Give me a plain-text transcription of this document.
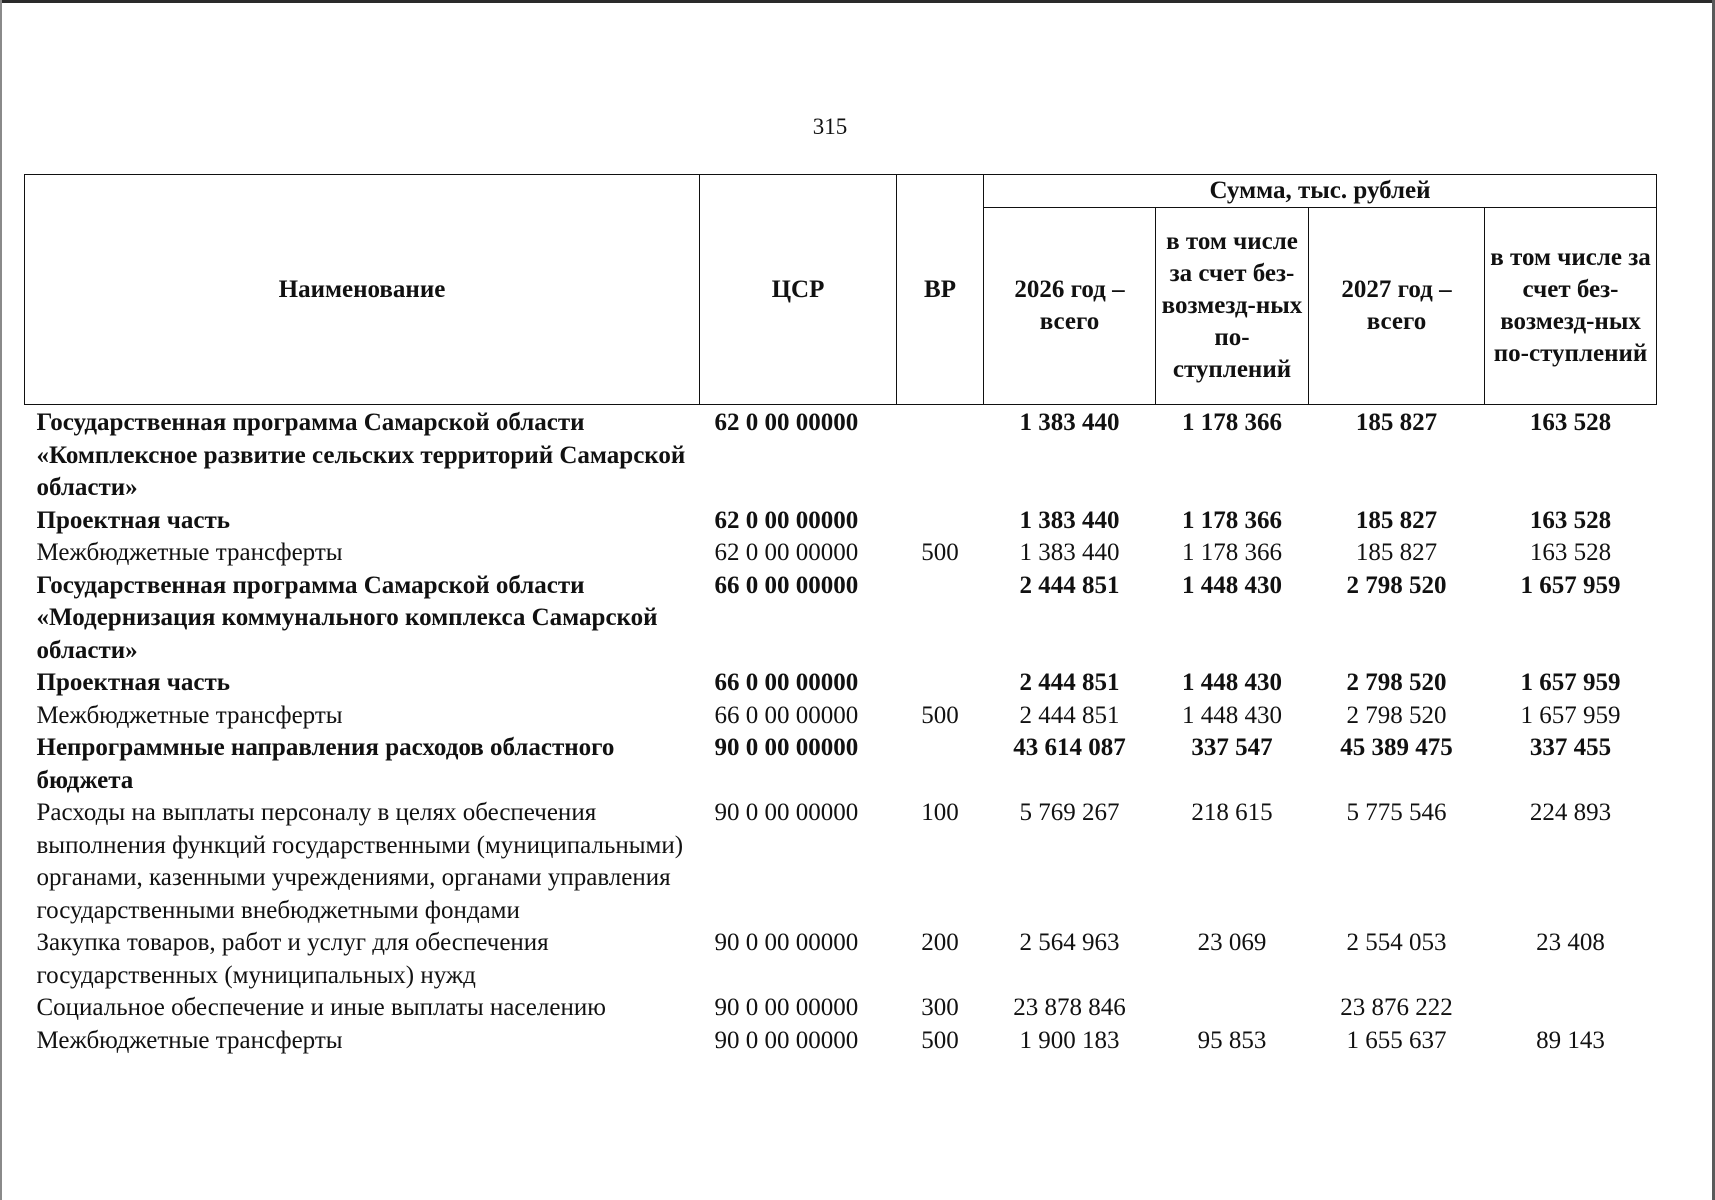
315
Наименование	ЦСР	ВР	Сумма, тыс. рублей			
			2026 год – всего	в том числе за счет без-возмезд-ных по-ступлений	2027 год – всего	в том числе за счет без-возмезд-ных по-ступлений
Государственная программа Самарской области «Комплексное развитие сельских территорий Самарской области»	62 0 00 00000		1 383 440	1 178 366	185 827	163 528
Проектная часть	62 0 00 00000		1 383 440	1 178 366	185 827	163 528
Межбюджетные трансферты	62 0 00 00000	500	1 383 440	1 178 366	185 827	163 528
Государственная программа Самарской области «Модернизация коммунального комплекса Самарской области»	66 0 00 00000		2 444 851	1 448 430	2 798 520	1 657 959
Проектная часть	66 0 00 00000		2 444 851	1 448 430	2 798 520	1 657 959
Межбюджетные трансферты	66 0 00 00000	500	2 444 851	1 448 430	2 798 520	1 657 959
Непрограммные направления расходов областного бюджета	90 0 00 00000		43 614 087	337 547	45 389 475	337 455
Расходы на выплаты персоналу в целях обеспечения выполнения функций государственными (муниципальными) органами, казенными учреждениями, органами управления государственными внебюджетными фондами	90 0 00 00000	100	5 769 267	218 615	5 775 546	224 893
Закупка товаров, работ и услуг для обеспечения государственных (муниципальных) нужд	90 0 00 00000	200	2 564 963	23 069	2 554 053	23 408
Социальное обеспечение и иные выплаты населению	90 0 00 00000	300	23 878 846		23 876 222	
Межбюджетные трансферты	90 0 00 00000	500	1 900 183	95 853	1 655 637	89 143
